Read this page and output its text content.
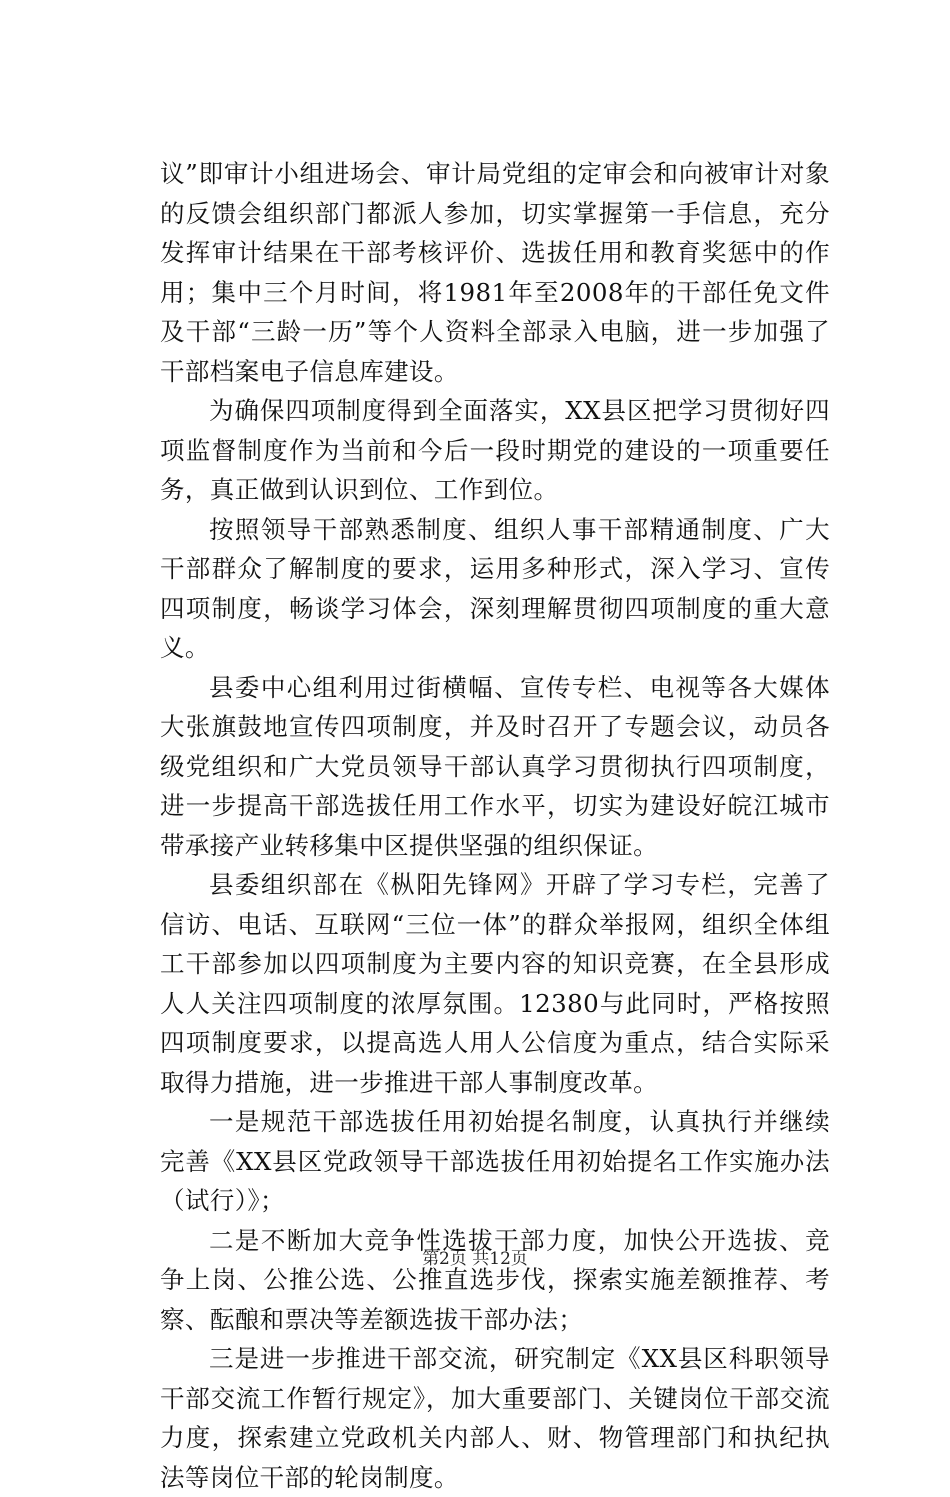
议”即审计小组进场会、审计局党组的定审会和向被审计对象的反馈会组织部门都派人参加，切实掌握第一手信息，充分发挥审计结果在干部考核评价、选拔任用和教育奖惩中的作用；集中三个月时间，将1981年至2008年的干部任免文件及干部“三龄一历”等个人资料全部录入电脑，进一步加强了干部档案电子信息库建设。

为确保四项制度得到全面落实，XX县区把学习贯彻好四项监督制度作为当前和今后一段时期党的建设的一项重要任务，真正做到认识到位、工作到位。

按照领导干部熟悉制度、组织人事干部精通制度、广大干部群众了解制度的要求，运用多种形式，深入学习、宣传四项制度，畅谈学习体会，深刻理解贯彻四项制度的重大意义。

县委中心组利用过街横幅、宣传专栏、电视等各大媒体大张旗鼓地宣传四项制度，并及时召开了专题会议，动员各级党组织和广大党员领导干部认真学习贯彻执行四项制度，进一步提高干部选拔任用工作水平，切实为建设好皖江城市带承接产业转移集中区提供坚强的组织保证。

县委组织部在《枞阳先锋网》开辟了学习专栏，完善了信访、电话、互联网“三位一体”的群众举报网，组织全体组工干部参加以四项制度为主要内容的知识竞赛，在全县形成人人关注四项制度的浓厚氛围。12380与此同时，严格按照四项制度要求，以提高选人用人公信度为重点，结合实际采取得力措施，进一步推进干部人事制度改革。

一是规范干部选拔任用初始提名制度，认真执行并继续完善《XX县区党政领导干部选拔任用初始提名工作实施办法（试行）》；

二是不断加大竞争性选拔干部力度，加快公开选拔、竞争上岗、公推公选、公推直选步伐，探索实施差额推荐、考察、酝酿和票决等差额选拔干部办法；

三是进一步推进干部交流，研究制定《XX县区科职领导干部交流工作暂行规定》，加大重要部门、关键岗位干部交流力度，探索建立党政机关内部人、财、物管理部门和执纪执法等岗位干部的轮岗制度。

第2页 共12页
